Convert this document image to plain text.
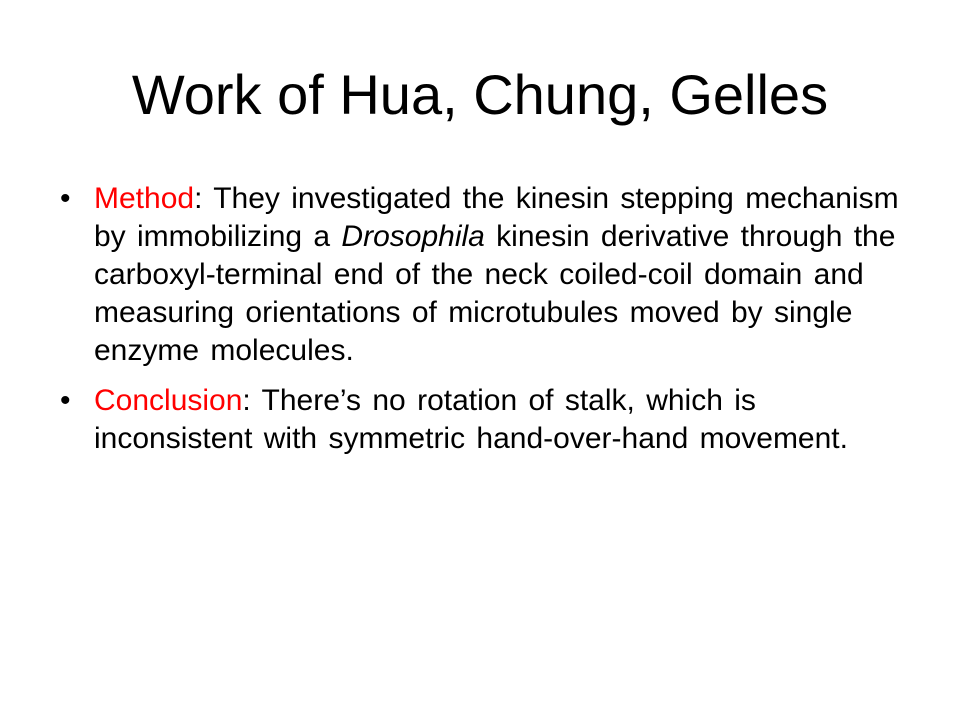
Work of Hua, Chung, Gelles
• Method: They investigated the kinesin stepping mechanism by immobilizing a Drosophila kinesin derivative through the carboxyl-terminal end of the neck coiled-coil domain and measuring orientations of microtubules moved by single enzyme molecules.
• Conclusion: There’s no rotation of stalk, which is inconsistent with symmetric hand-over-hand movement.
